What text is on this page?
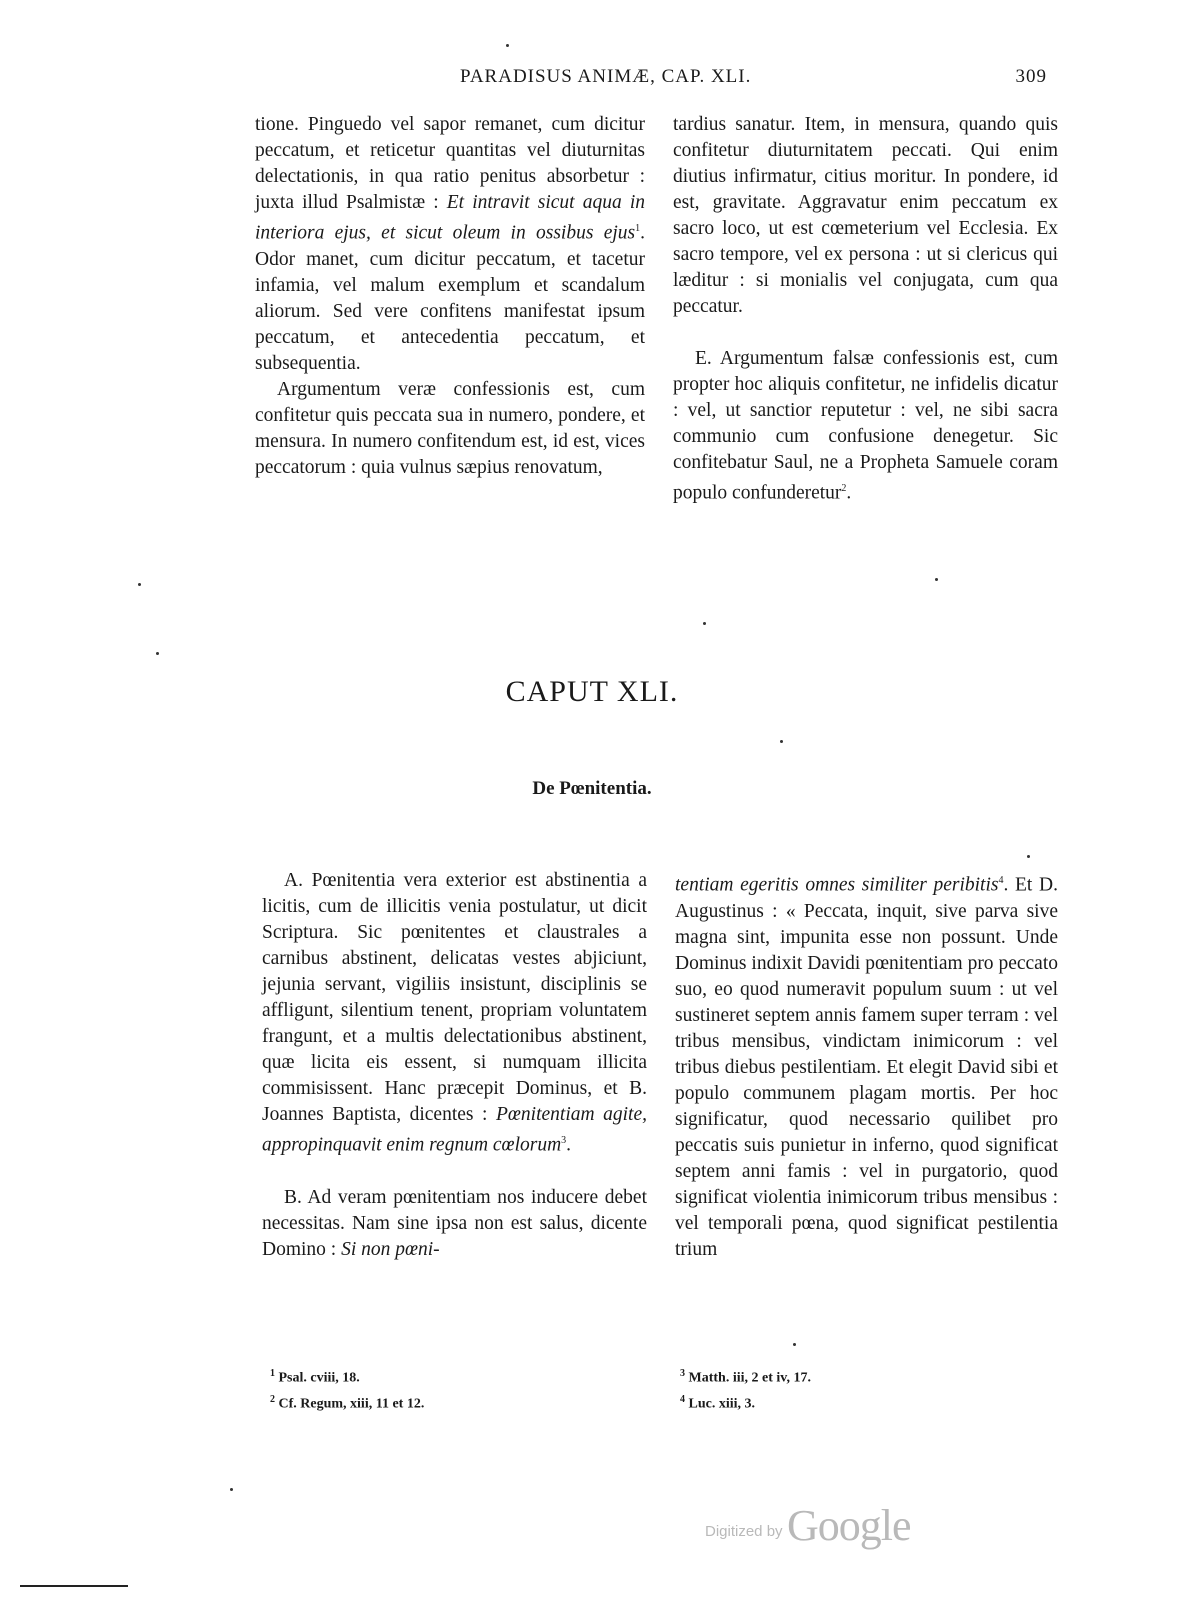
PARADISUS ANIMÆ, CAP. XLI.	309

tione. Pinguedo vel sapor remanet, cum dicitur peccatum, et reticetur quantitas vel diuturnitas delectationis, in qua ratio penitus absorbetur : juxta illud Psalmistæ : Et intravit sicut aqua in interiora ejus, et sicut oleum in ossibus ejus$^1$. Odor manet, cum dicitur peccatum, et tacetur infamia, vel malum exemplum et scandalum aliorum. Sed vere confitens manifestat ipsum peccatum, et antecedentia peccatum, et subsequentia.

Argumentum veræ confessionis est, cum confitetur quis peccata sua in numero, pondere, et mensura. In numero confitendum est, id est, vices peccatorum : quia vulnus sæpius renovatum,

tardius sanatur. Item, in mensura, quando quis confitetur diuturnitatem peccati. Qui enim diutius infirmatur, citius moritur. In pondere, id est, gravitate. Aggravatur enim peccatum ex sacro loco, ut est cœmeterium vel Ecclesia. Ex sacro tempore, vel ex persona : ut si clericus qui læditur : si monialis vel conjugata, cum qua peccatur.

E. Argumentum falsæ confessionis est, cum propter hoc aliquis confitetur, ne infidelis dicatur : vel, ut sanctior reputetur : vel, ne sibi sacra communio cum confusione denegetur. Sic confitebatur Saul, ne a Propheta Samuele coram populo confunderetur$^2$.

CAPUT XLI.
De Pœnitentia.

A. Pœnitentia vera exterior est abstinentia a licitis, cum de illicitis venia postulatur, ut dicit Scriptura. Sic pœnitentes et claustrales a carnibus abstinent, delicatas vestes abjiciunt, jejunia servant, vigiliis insistunt, disciplinis se affligunt, silentium tenent, propriam voluntatem frangunt, et a multis delectationibus abstinent, quæ licita eis essent, si numquam illicita commisissent. Hanc præcepit Dominus, et B. Joannes Baptista, dicentes : Pœnitentiam agite, appropinquavit enim regnum cœlorum$^3$.

B. Ad veram pœnitentiam nos inducere debet necessitas. Nam sine ipsa non est salus, dicente Domino : Si non pœni-

tentiam egeritis omnes similiter peribitis$^4$. Et D. Augustinus : « Peccata, inquit, sive parva sive magna sint, impunita esse non possunt. Unde Dominus indixit Davidi pœnitentiam pro peccato suo, eo quod numeravit populum suum : ut vel sustineret septem annis famem super terram : vel tribus mensibus, vindictam inimicorum : vel tribus diebus pestilentiam. Et elegit David sibi et populo communem plagam mortis. Per hoc significatur, quod necessario quilibet pro peccatis suis punietur in inferno, quod significat septem anni famis : vel in purgatorio, quod significat violentia inimicorum tribus mensibus : vel temporali pœna, quod significat pestilentia trium

$^1$ Psal. cviii, 18.
$^2$ Cf. Regum, xiii, 11 et 12.
$^3$ Matth. iii, 2 et iv, 17.
$^4$ Luc. xiii, 3.
Digitized by Google
